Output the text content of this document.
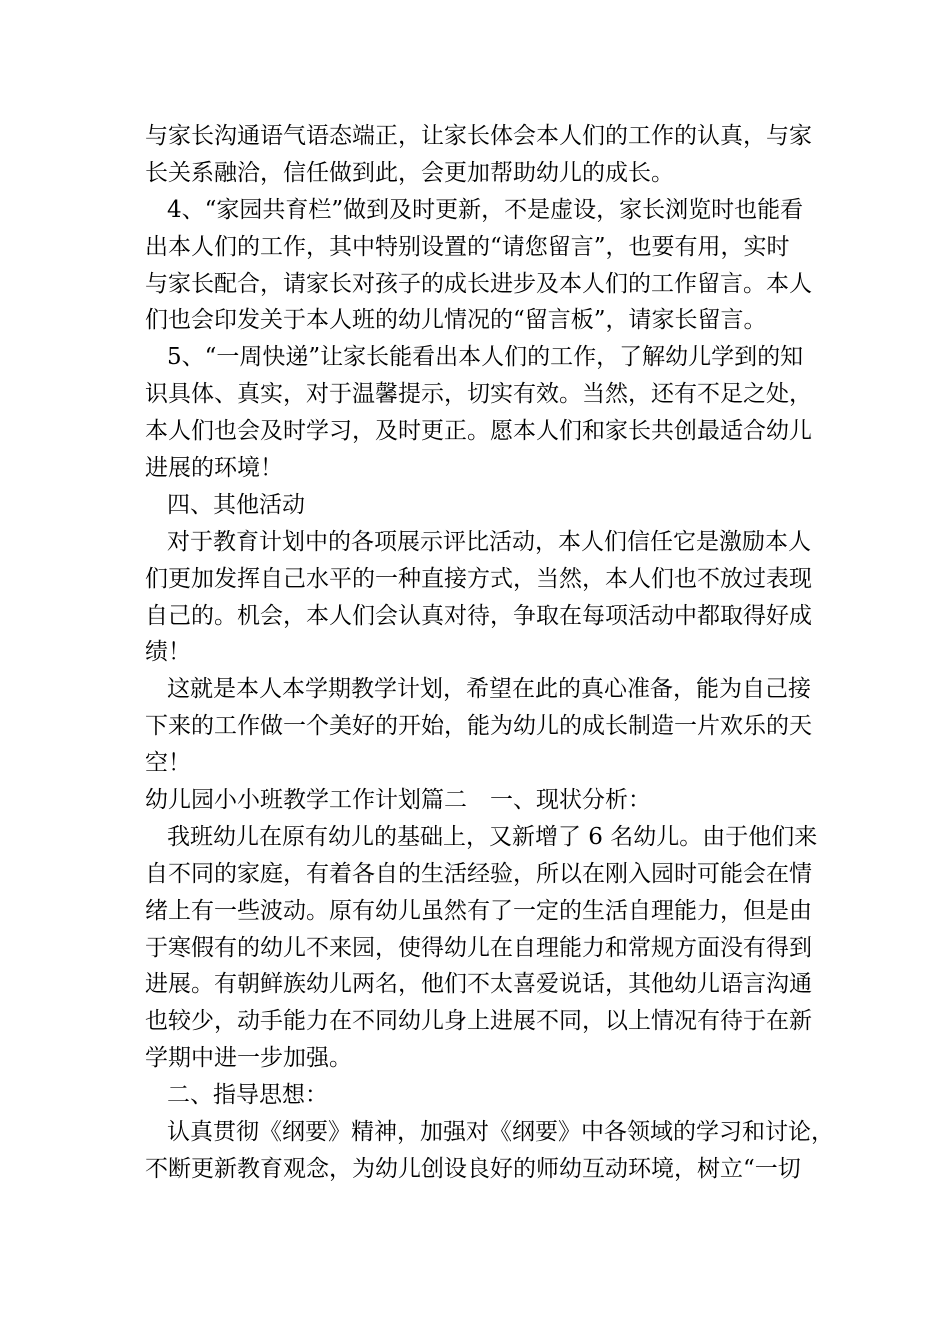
与家长沟通语气语态端正，让家长体会本人们的工作的认真，与家
长关系融洽，信任做到此，会更加帮助幼儿的成长。
4、“家园共育栏”做到及时更新，不是虚设，家长浏览时也能看
出本人们的工作，其中特别设置的“请您留言”，也要有用，实时
与家长配合，请家长对孩子的成长进步及本人们的工作留言。本人
们也会印发关于本人班的幼儿情况的“留言板”，请家长留言。
5、“一周快递”让家长能看出本人们的工作，了解幼儿学到的知
识具体、真实，对于温馨提示，切实有效。当然，还有不足之处，
本人们也会及时学习，及时更正。愿本人们和家长共创最适合幼儿
进展的环境！
四、其他活动
对于教育计划中的各项展示评比活动，本人们信任它是激励本人
们更加发挥自己水平的一种直接方式，当然，本人们也不放过表现
自己的。机会，本人们会认真对待，争取在每项活动中都取得好成
绩！
这就是本人本学期教学计划，希望在此的真心准备，能为自己接
下来的工作做一个美好的开始，能为幼儿的成长制造一片欢乐的天
空！
幼儿园小小班教学工作计划篇二　一、现状分析：
我班幼儿在原有幼儿的基础上，又新增了 6 名幼儿。由于他们来
自不同的家庭，有着各自的生活经验，所以在刚入园时可能会在情
绪上有一些波动。原有幼儿虽然有了一定的生活自理能力，但是由
于寒假有的幼儿不来园，使得幼儿在自理能力和常规方面没有得到
进展。有朝鲜族幼儿两名，他们不太喜爱说话，其他幼儿语言沟通
也较少，动手能力在不同幼儿身上进展不同，以上情况有待于在新
学期中进一步加强。
二、指导思想：
认真贯彻《纲要》精神，加强对《纲要》中各领域的学习和讨论，
不断更新教育观念，为幼儿创设良好的师幼互动环境，树立“一切
